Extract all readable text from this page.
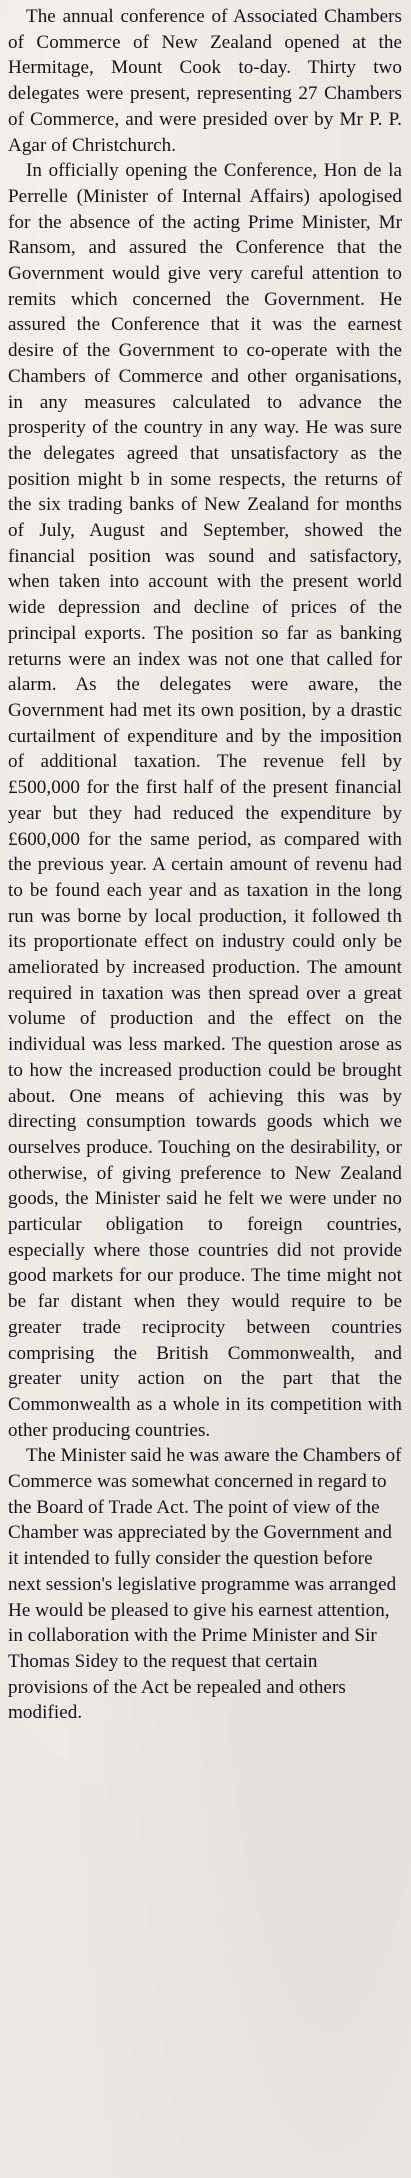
The annual conference of Associated Chambers of Commerce of New Zealand opened at the Hermitage, Mount Cook to-day. Thirty two delegates were present, representing 27 Chambers of Commerce, and were presided over by Mr P. P. Agar of Christchurch.

In officially opening the Conference, Hon de la Perrelle (Minister of Internal Affairs) apologised for the absence of the acting Prime Minister, Mr Ransom, and assured the Conference that the Government would give very careful attention to remits which concerned the Government. He assured the Conference that it was the earnest desire of the Government to co-operate with the Chambers of Commerce and other organisations, in any measures calculated to advance the prosperity of the country in any way. He was sure the delegates agreed that unsatisfactory as the position might b in some respects, the returns of the six trading banks of New Zealand for months of July, August and September, showed the financial position was sound and satisfactory, when taken into account with the present world wide depression and decline of prices of the principal exports. The position so far as banking returns were an index was not one that called for alarm. As the delegates were aware, the Government had met its own position, by a drastic curtailment of expenditure and by the imposition of additional taxation. The revenue fell by £500,000 for the first half of the present financial year but they had reduced the expenditure by £600,000 for the same period, as compared with the previous year. A certain amount of revenu had to be found each year and as taxation in the long run was borne by local production, it followed th its proportionate effect on industry could only be ameliorated by increased production. The amount required in taxation was then spread over a great volume of production and the effect on the individual was less marked. The question arose as to how the increased production could be brought about. One means of achieving this was by directing consumption towards goods which we ourselves produce. Touching on the desirability, or otherwise, of giving preference to New Zealand goods, the Minister said he felt we were under no particular obligation to foreign countries, especially where those countries did not provide good markets for our produce. The time might not be far distant when they would require to be greater trade reciprocity between countries comprising the British Commonwealth, and greater unity action on the part that the Commonwealth as a whole in its competition with other producing countries.

The Minister said he was aware the Chambers of Commerce was somewhat concerned in regard to the Board of Trade Act. The point of view of the Chamber was appreciated by the Government and it intended to fully consider the question before next session's legislative programme was arranged He would be pleased to give his earnest attention, in collaboration with the Prime Minister and Sir Thomas Sidey to the request that certain provisions of the Act be repealed and others modified.
